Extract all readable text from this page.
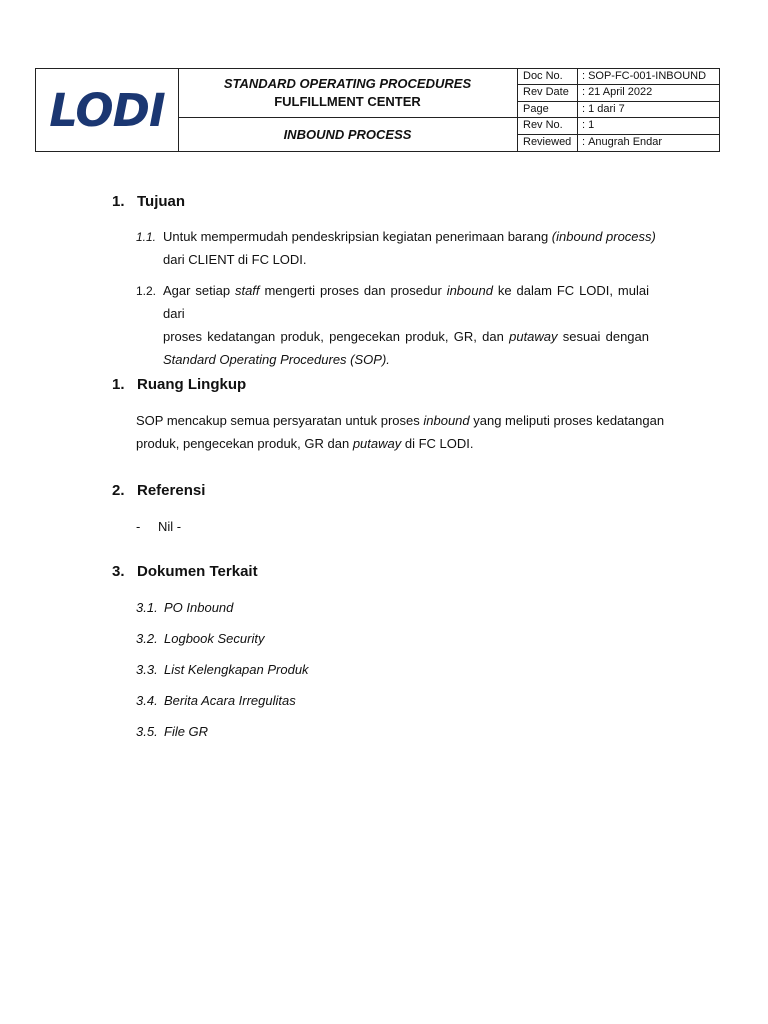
LODI	STANDARD OPERATING PROCEDURES
FULFILLMENT CENTER
INBOUND PROCESS
Doc No.	: SOP-FC-001-INBOUND
Rev Date	: 21 April 2022
Page	: 1 dari 7
Rev No.	: 1
Reviewed : Anugrah Endar
1. Tujuan
1.1. Untuk mempermudah pendeskripsian kegiatan penerimaan barang (inbound process)
dari CLIENT di FC LODI.
1.2. Agar setiap staff mengerti proses dan prosedur inbound ke dalam FC LODI, mulai dari
proses kedatangan produk, pengecekan produk, GR, dan putaway sesuai dengan
Standard Operating Procedures (SOP).
1. Ruang Lingkup
SOP mencakup semua persyaratan untuk proses inbound yang meliputi proses kedatangan
produk, pengecekan produk, GR dan putaway di FC LODI.
2. Referensi
- Nil -
3. Dokumen Terkait
3.1. PO Inbound
3.2. Logbook Security
3.3. List Kelengkapan Produk
3.4. Berita Acara Irregulitas
3.5. File GR
